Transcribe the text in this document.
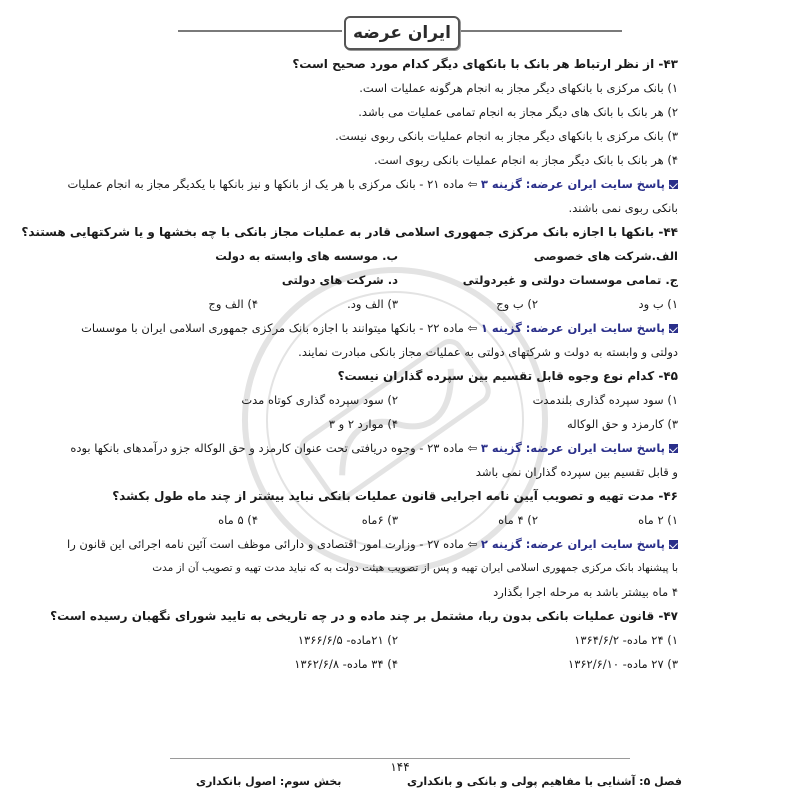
ایران عرضه
۴۳- از نظر ارتباط هر بانک با بانکهای دیگر کدام مورد صحیح است؟
۱) بانک مرکزی با بانکهای دیگر مجاز به انجام هرگونه عملیات است.
۲) هر بانک با بانک های دیگر مجاز به انجام تمامی عملیات می باشد.
۳) بانک مرکزی با بانکهای دیگر مجاز به انجام عملیات بانکی ربوی نیست.
۴) هر بانک با بانک دیگر مجاز به انجام عملیات بانکی ربوی است.
پاسخ سایت ایران عرضه: گزینه ۳ ⇦ ماده ۲۱ - بانک مرکزی با هر یک از بانکها و نیز بانکها با یکدیگر مجاز به انجام عملیات
بانکی ربوی نمی باشند.
۴۴- بانکها با اجازه بانک مرکزی جمهوری اسلامی قادر به عملیات مجاز بانکی با چه بخشها و یا شرکتهایی هستند؟
الف.شرکت های خصوصی
ب. موسسه های وابسته به دولت
ج. تمامی موسسات دولتی و غیردولتی
د. شرکت های دولتی
۱) ب ود
۲) ب وج
۳) الف ود.
۴) الف وج
پاسخ سایت ایران عرضه: گزینه ۱ ⇦ ماده ۲۲ - بانکها میتوانند با اجازه بانک مرکزی جمهوری اسلامی ایران با موسسات
دولتی و وابسته به دولت و شرکتهای دولتی به عملیات مجاز بانکی مبادرت نمایند.
۴۵- کدام نوع وجوه قابل تقسیم بین سپرده گذاران نیست؟
۱) سود سپرده گذاری بلندمدت
۲) سود سپرده گذاری کوتاه مدت
۳) کارمزد و حق الوکاله
۴) موارد ۲ و ۳
پاسخ سایت ایران عرضه: گزینه ۳ ⇦ ماده ۲۳ - وجوه دریافتی تحت عنوان کارمزد و حق الوکاله جزو درآمدهای بانکها بوده
و قابل تقسیم بین سپرده گذاران نمی باشد
۴۶- مدت تهیه و تصویب آیین نامه اجرایی قانون عملیات بانکی نباید بیشتر از چند ماه طول بکشد؟
۱) ۲ ماه
۲) ۴ ماه
۳) ۶ماه
۴) ۵ ماه
پاسخ سایت ایران عرضه: گزینه ۲ ⇦ ماده ۲۷ - وزارت امور اقتصادی و دارائی موظف است آئین نامه اجرائی این قانون را
با پیشنهاد بانک مرکزی جمهوری اسلامی ایران تهیه و پس از تصویب هیئت دولت به که نباید مدت تهیه و تصویب آن از مدت
۴ ماه بیشتر باشد به مرحله اجرا بگذارد
۴۷- قانون عملیات بانکی بدون ربا، مشتمل بر چند ماده و در چه تاریخی به تایید شورای نگهبان رسیده است؟
۱) ۲۴ ماده- ۱۳۶۴/۶/۲
۲) ۲۱ماده- ۱۳۶۶/۶/۵
۳) ۲۷ ماده- ۱۳۶۲/۶/۱۰
۴) ۳۴ ماده- ۱۳۶۲/۶/۸
۱۴۴
فصل ۵: آشنایی با مفاهیم پولی و بانکی و بانکداری
بخش سوم: اصول بانکداری
